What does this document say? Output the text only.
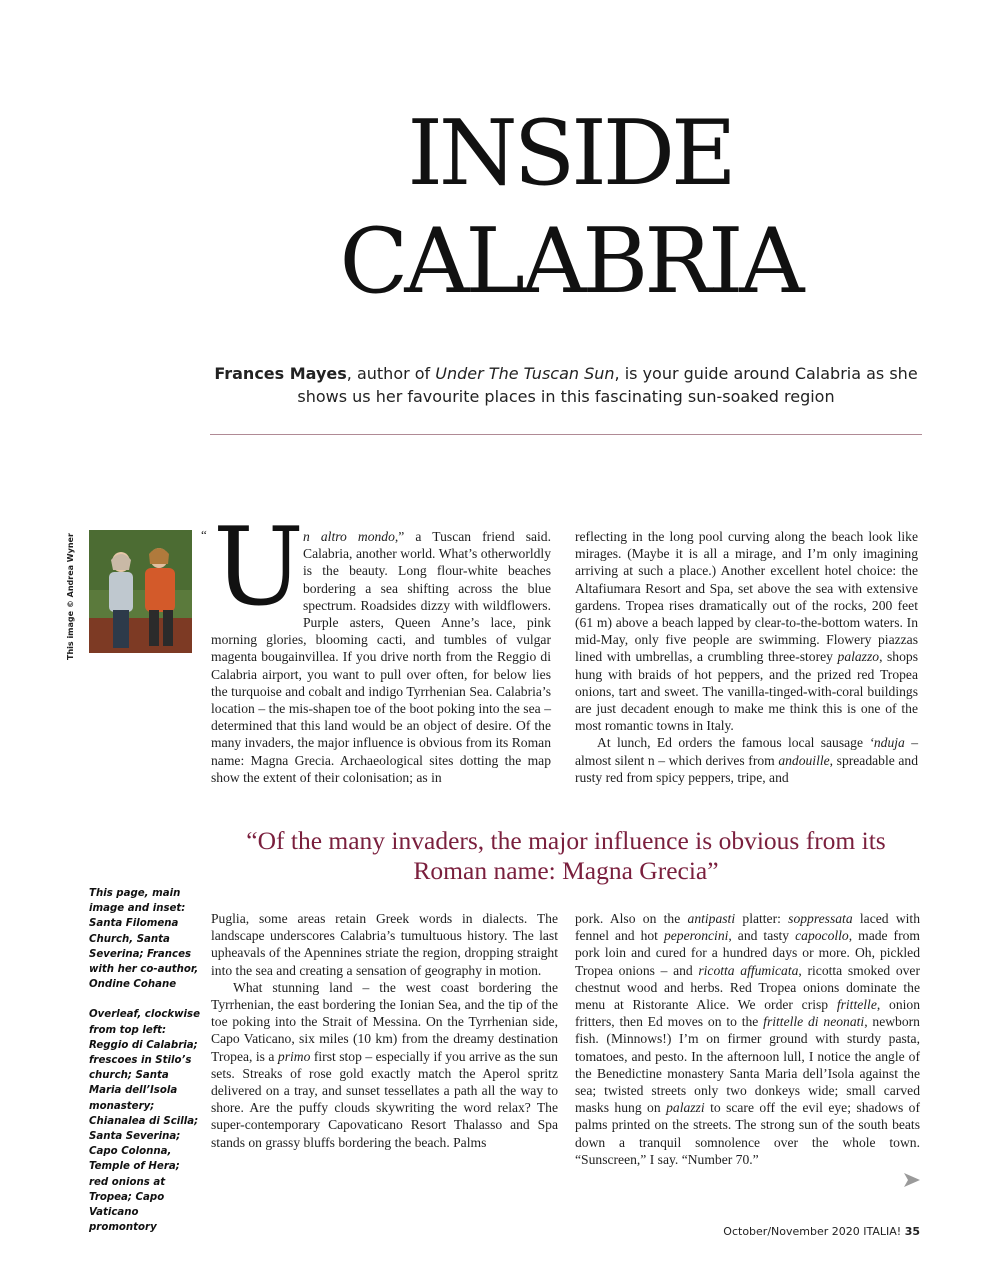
INSIDE
CALABRIA
Frances Mayes, author of Under The Tuscan Sun, is your guide around Calabria as she shows us her favourite places in this fascinating sun-soaked region
This image © Andrea Wyner	“ U

n altro mondo,” a Tuscan friend said. Calabria, another world. What’s otherworldly is the beauty. Long flour-white beaches bordering a sea shifting across the blue spectrum. Roadsides dizzy with wildflowers. Purple asters, Queen Anne’s lace, pink morning glories, blooming cacti, and tumbles of vulgar magenta bougainvillea. If you drive north from the Reggio di Calabria airport, you want to pull over often, for below lies the turquoise and cobalt and indigo Tyrrhenian Sea. Calabria’s location – the mis-shapen toe of the boot poking into the sea – determined that this land would be an object of desire. Of the many invaders, the major influence is obvious from its Roman name: Magna Grecia. Archaeological sites dotting the map show the extent of their colonisation; as in

reflecting in the long pool curving along the beach look like mirages. (Maybe it is all a mirage, and I’m only imagining arriving at such a place.) Another excellent hotel choice: the Altafiumara Resort and Spa, set above the sea with extensive gardens. Tropea rises dramatically out of the rocks, 200 feet (61 m) above a beach lapped by clear-to-the-bottom waters. In mid-May, only five people are swimming. Flowery piazzas lined with umbrellas, a crumbling three-storey palazzo, shops hung with braids of hot peppers, and the prized red Tropea onions, tart and sweet. The vanilla-tinged-with-coral buildings are just decadent enough to make me think this is one of the most romantic towns in Italy.

At lunch, Ed orders the famous local sausage ‘nduja – almost silent n – which derives from andouille, spreadable and rusty red from spicy peppers, tripe, and

“Of the many invaders, the major influence is obvious from its Roman name: Magna Grecia”

This page, main image and inset: Santa Filomena Church, Santa Severina; Frances with her co-author, Ondine Cohane

Overleaf, clockwise from top left: Reggio di Calabria; frescoes in Stilo’s church; Santa Maria dell’Isola monastery; Chianalea di Scilla; Santa Severina; Capo Colonna, Temple of Hera; red onions at Tropea; Capo Vaticano promontory

Puglia, some areas retain Greek words in dialects. The landscape underscores Calabria’s tumultuous history. The last upheavals of the Apennines striate the region, dropping straight into the sea and creating a sensation of geography in motion.

What stunning land – the west coast bordering the Tyrrhenian, the east bordering the Ionian Sea, and the tip of the toe poking into the Strait of Messina. On the Tyrrhenian side, Capo Vaticano, six miles (10 km) from the dreamy destination Tropea, is a primo first stop – especially if you arrive as the sun sets. Streaks of rose gold exactly match the Aperol spritz delivered on a tray, and sunset tessellates a path all the way to shore. Are the puffy clouds skywriting the word relax? The super-contemporary Capovaticano Resort Thalasso and Spa stands on grassy bluffs bordering the beach. Palms

pork. Also on the antipasti platter: soppressata laced with fennel and hot peperoncini, and tasty capocollo, made from pork loin and cured for a hundred days or more. Oh, pickled Tropea onions – and ricotta affumicata, ricotta smoked over chestnut wood and herbs. Red Tropea onions dominate the menu at Ristorante Alice. We order crisp frittelle, onion fritters, then Ed moves on to the frittelle di neonati, newborn fish. (Minnows!) I’m on firmer ground with sturdy pasta, tomatoes, and pesto. In the afternoon lull, I notice the angle of the Benedictine monastery Santa Maria dell’Isola against the sea; twisted streets only two donkeys wide; small carved masks hung on palazzi to scare off the evil eye; shadows of palms printed on the streets. The strong sun of the south beats down a tranquil somnolence over the whole town. “Sunscreen,” I say. “Number 70.”

October/November 2020 ITALIA! 35
